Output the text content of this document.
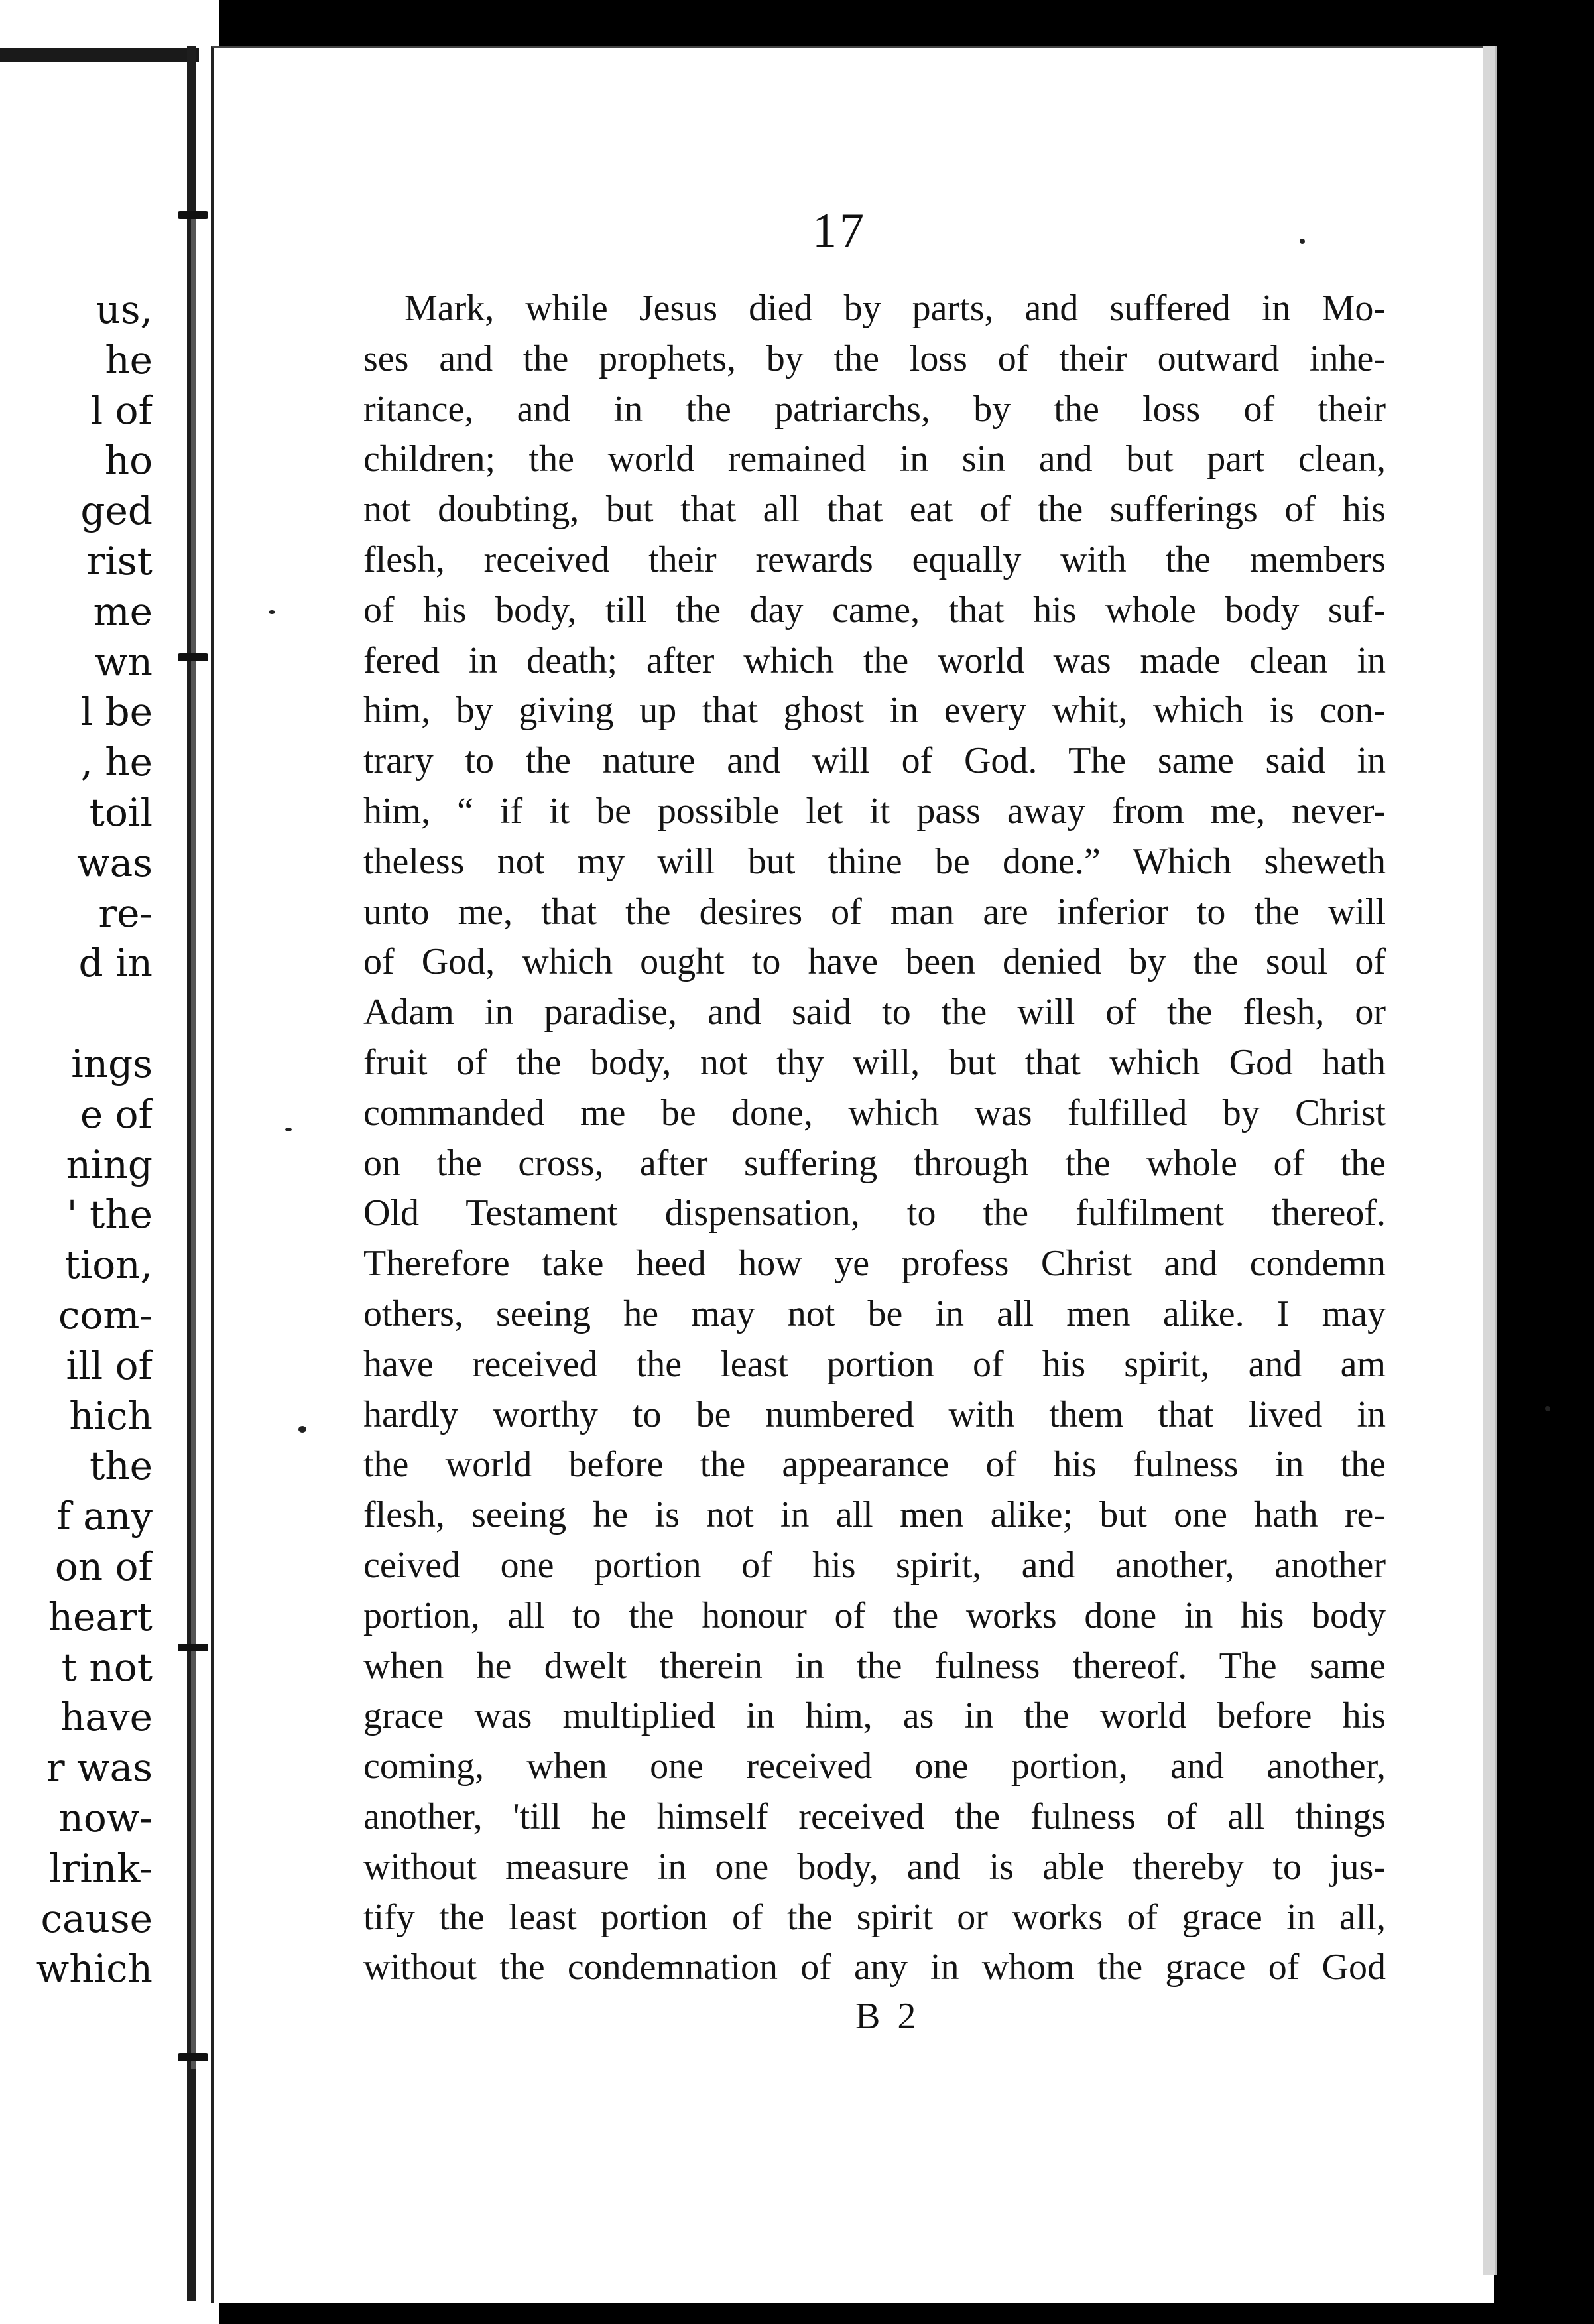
us,
he
l of
ho
ged
rist
me
wn
l be
, he
toil
was
re-
d in
ings
e of
ning
' the
tion,
com-
ill of
hich
the
f any
on of
heart
t not
have
r was
now-
lrink-
cause
which
17
Mark, while Jesus died by parts, and suffered in Mo-
ses and the prophets, by the loss of their outward inhe-
ritance, and in the patriarchs, by the loss of their
children; the world remained in sin and but part clean,
not doubting, but that all that eat of the sufferings of his
flesh, received their rewards equally with the members
of his body, till the day came, that his whole body suf-
fered in death; after which the world was made clean in
him, by giving up that ghost in every whit, which is con-
trary to the nature and will of God. The same said in
him, “ if it be possible let it pass away from me, never-
theless not my will but thine be done.” Which sheweth
unto me, that the desires of man are inferior to the will
of God, which ought to have been denied by the soul of
Adam in paradise, and said to the will of the flesh, or
fruit of the body, not thy will, but that which God hath
commanded me be done, which was fulfilled by Christ
on the cross, after suffering through the whole of the
Old Testament dispensation, to the fulfilment thereof.
Therefore take heed how ye profess Christ and condemn
others, seeing he may not be in all men alike. I may
have received the least portion of his spirit, and am
hardly worthy to be numbered with them that lived in
the world before the appearance of his fulness in the
flesh, seeing he is not in all men alike; but one hath re-
ceived one portion of his spirit, and another, another
portion, all to the honour of the works done in his body
when he dwelt therein in the fulness thereof. The same
grace was multiplied in him, as in the world before his
coming, when one received one portion, and another,
another, 'till he himself received the fulness of all things
without measure in one body, and is able thereby to jus-
tify the least portion of the spirit or works of grace in all,
without the condemnation of any in whom the grace of God
B 2
